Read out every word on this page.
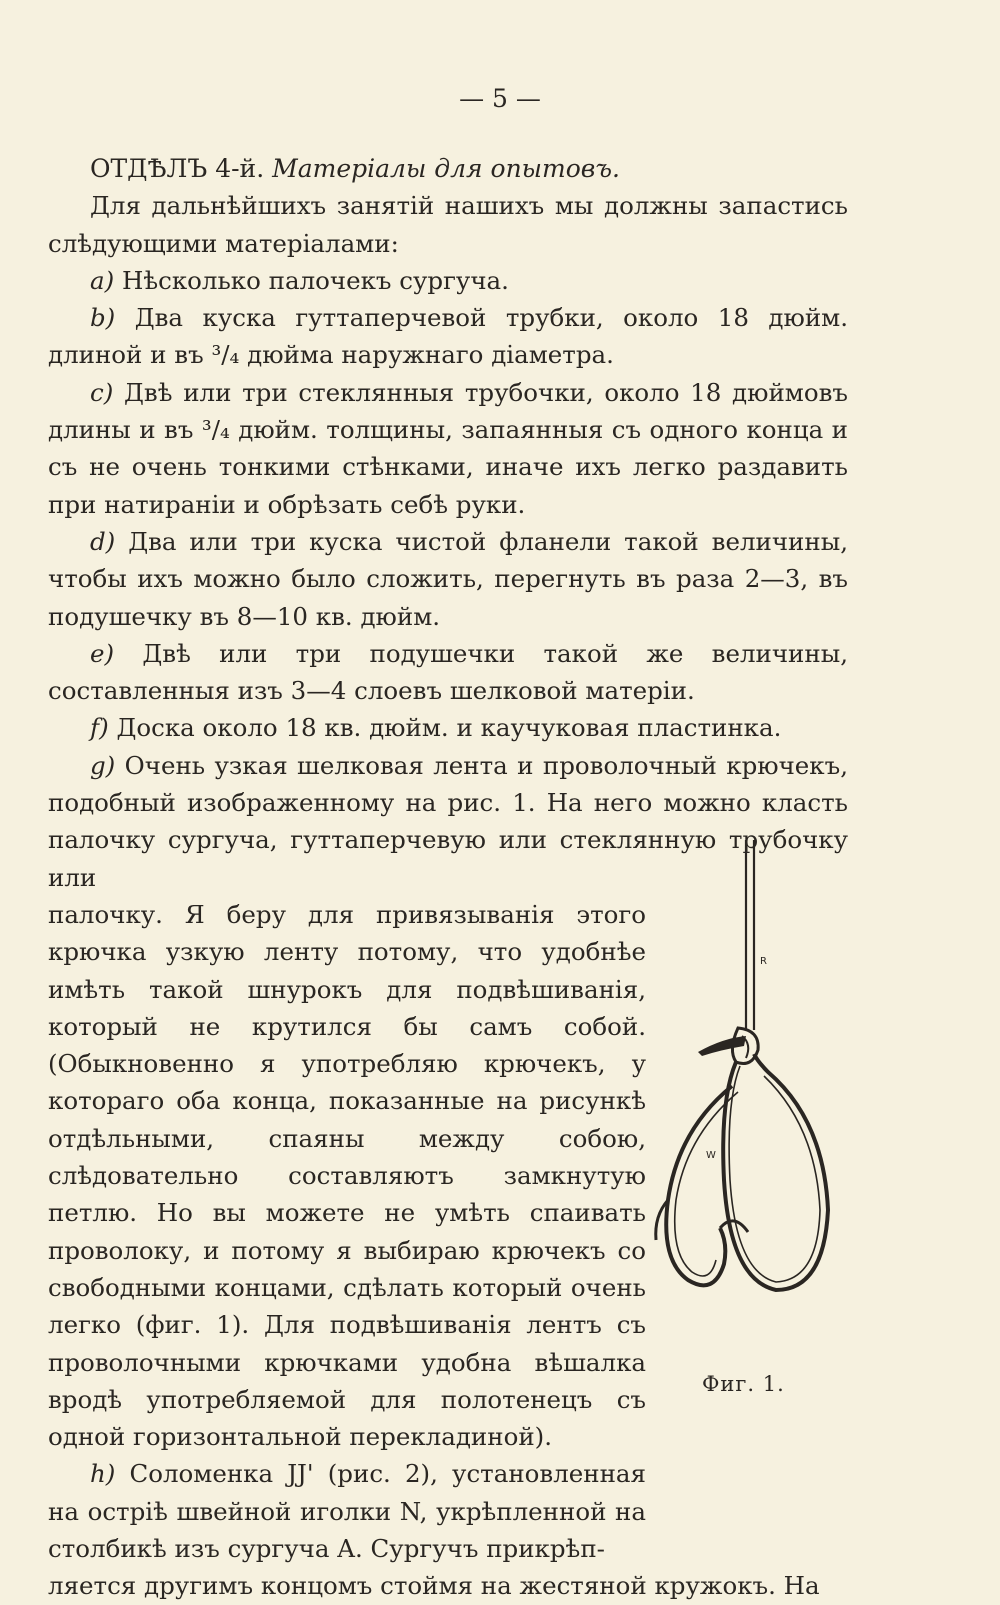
— 5 —

ОТДѢЛЪ 4-й. Матеріалы для опытовъ.

Для дальнѣйшихъ занятій нашихъ мы должны запастись слѣдующими матеріалами:

a) Нѣсколько палочекъ сургуча.

b) Два куска гуттаперчевой трубки, около 18 дюйм. длиной и въ ³/₄ дюйма наружнаго діаметра.

c) Двѣ или три стеклянныя трубочки, около 18 дюймовъ длины и въ ³/₄ дюйм. толщины, запаянныя съ одного конца и съ не очень тонкими стѣнками, иначе ихъ легко раздавить при натираніи и обрѣзать себѣ руки.

d) Два или три куска чистой фланели такой величины, чтобы ихъ можно было сложить, перегнуть въ раза 2—3, въ подушечку въ 8—10 кв. дюйм.

e) Двѣ или три подушечки такой же величины, составленныя изъ 3—4 слоевъ шелковой матеріи.

f) Доска около 18 кв. дюйм. и каучуковая пластинка.

g) Очень узкая шелковая лента и проволочный крючекъ, подобный изображенному на рис. 1. На него можно класть палочку сургуча, гуттаперчевую или стеклянную трубочку или

палочку. Я беру для привязыванія этого крючка узкую ленту потому, что удобнѣе имѣть такой шнурокъ для подвѣшиванія, который не крутился бы самъ собой. (Обыкновенно я употребляю крючекъ, у котораго оба конца, показанные на рисункѣ отдѣльными, спаяны между собою, слѣдовательно составляютъ замкнутую петлю. Но вы можете не умѣть спаивать проволоку, и потому я выбираю крючекъ со свободными концами, сдѣлать который очень легко (фиг. 1). Для подвѣшиванія лентъ съ проволочными крючками удобна вѣшалка вродѣ употребляемой для полотенецъ съ одной горизонтальной перекладиной).

h) Соломенка JJ' (рис. 2), установленная на остріѣ швейной иголки N, укрѣпленной на столбикѣ изъ сургуча A. Сургучъ прикрѣп-

ляется другимъ концомъ стоймя на жестяной кружокъ. На

R
W
Фиг. 1.
